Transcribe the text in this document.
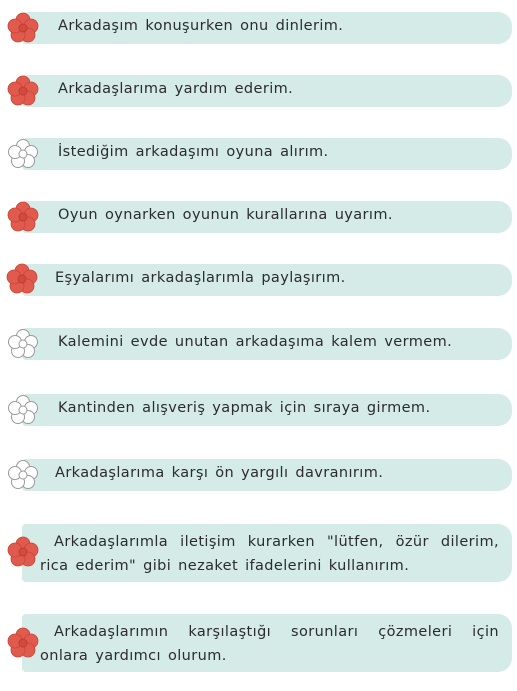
Arkadaşım konuşurken onu dinlerim.
Arkadaşlarıma yardım ederim.
İstediğim arkadaşımı oyuna alırım.
Oyun oynarken oyunun kurallarına uyarım.
Eşyalarımı arkadaşlarımla paylaşırım.
Kalemini evde unutan arkadaşıma kalem vermem.
Kantinden alışveriş yapmak için sıraya girmem.
Arkadaşlarıma karşı ön yargılı davranırım.
Arkadaşlarımla iletişim kurarken "lütfen, özür dilerim, rica ederim" gibi nezaket ifadelerini kullanırım.
Arkadaşlarımın karşılaştığı sorunları çözmeleri için onlara yardımcı olurum.
